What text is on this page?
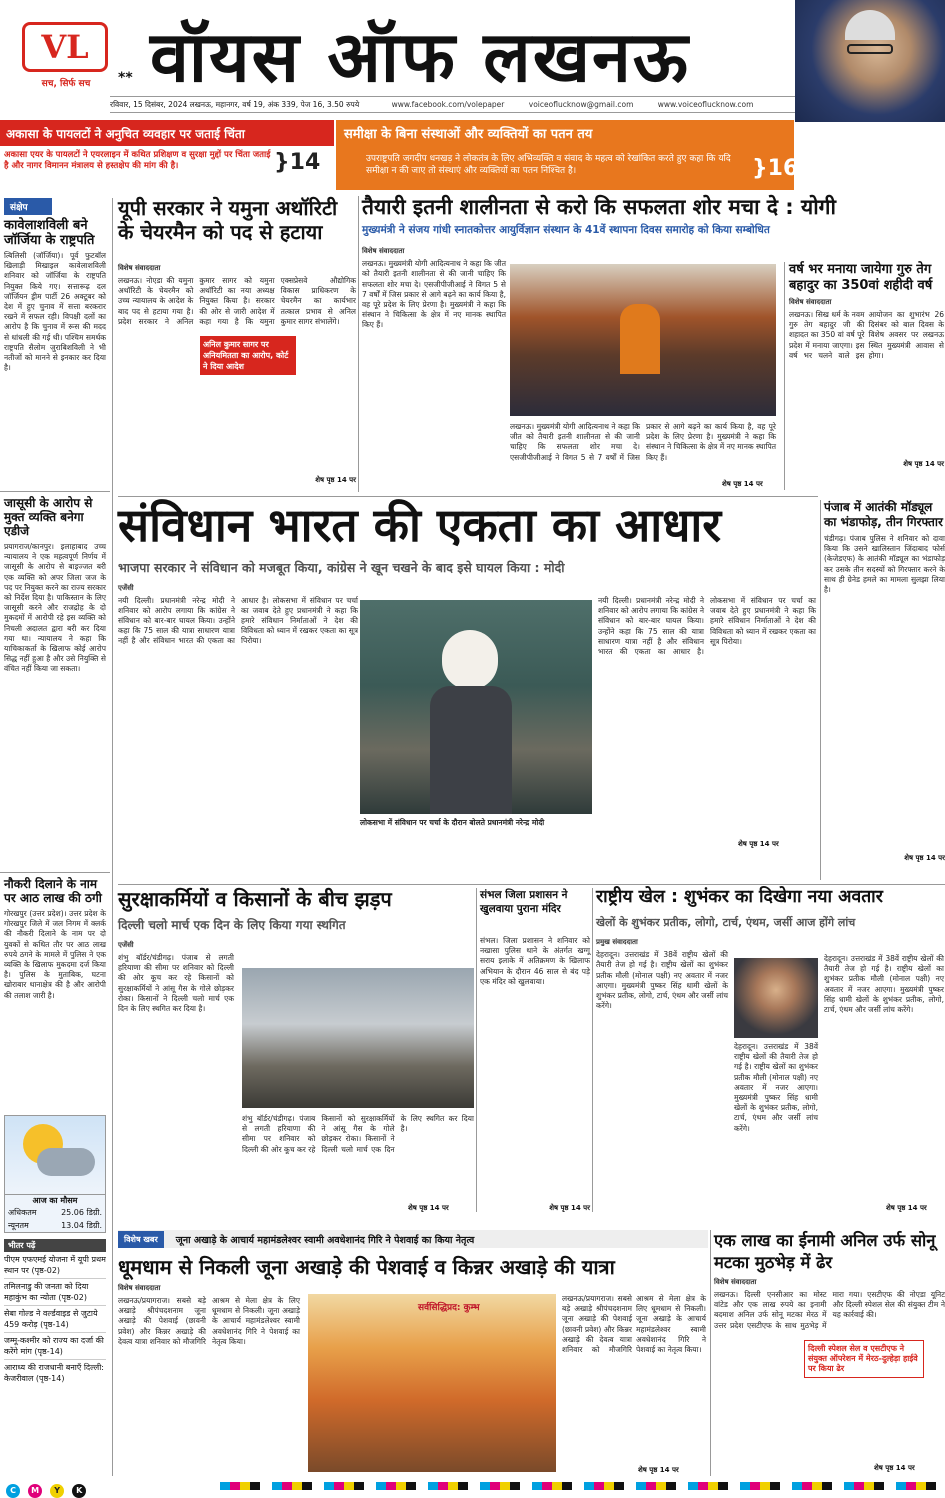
VL
सच, सिर्फ सच	** वॉयस ऑफ लखनऊ
रविवार, 15 दिसंबर, 2024 लखनऊ, महानगर, वर्ष 19, अंक 339, पेज 16, 3.50 रुपये	www.facebook.com/volepaper	voiceoflucknow@gmail.com	www.voiceoflucknow.com
अकासा के पायलटों ने अनुचित व्यवहार पर जताई चिंता
अकासा एयर के पायलटों ने एयरलाइन में कथित प्रशिक्षण व सुरक्षा मुद्दों पर चिंता जताई है और नागर विमानन मंत्रालय से हस्तक्षेप की मांग की है।	}14
समीक्षा के बिना संस्थाओं और व्यक्तियों का पतन तय
उपराष्ट्रपति जगदीप धनखड़ ने लोकतंत्र के लिए अभिव्यक्ति व संवाद के महत्व को रेखांकित करते हुए कहा कि यदि समीक्षा न की जाए तो संस्थाएं और व्यक्तियों का पतन निश्चित है।	}16
संक्षेप
कावेलाशविली बने जॉर्जिया के राष्ट्रपति
त्बिलिसी (जॉर्जिया)। पूर्व फुटबॉल खिलाड़ी मिखाइल कावेलाशविली शनिवार को जॉर्जिया के राष्ट्रपति नियुक्त किये गए। सत्तारूढ़ दल जॉर्जियन ड्रीम पार्टी 26 अक्टूबर को देश में हुए चुनाव में सत्ता बरकरार रखने में सफल रही। विपक्षी दलों का आरोप है कि चुनाव में रूस की मदद से धांधली की गई थी। पश्चिम समर्थक राष्ट्रपति सैलोम जुराबिशविली ने भी नतीजों को मानने से इनकार कर दिया है।
जासूसी के आरोप से मुक्त व्यक्ति बनेगा एडीजे
प्रयागराज/कानपुर। इलाहाबाद उच्च न्यायालय ने एक महत्वपूर्ण निर्णय में जासूसी के आरोप से बाइज्जत बरी एक व्यक्ति को अपर जिला जज के पद पर नियुक्त करने का राज्य सरकार को निर्देश दिया है। पाकिस्तान के लिए जासूसी करने और राजद्रोह के दो मुकदमों में आरोपी रहे इस व्यक्ति को निचली अदालत द्वारा बरी कर दिया गया था। न्यायालय ने कहा कि याचिकाकर्ता के खिलाफ कोई आरोप सिद्ध नहीं हुआ है और उसे नियुक्ति से वंचित नहीं किया जा सकता।
नौकरी दिलाने के नाम पर आठ लाख की ठगी
गोरखपुर (उत्तर प्रदेश)। उत्तर प्रदेश के गोरखपुर जिले में जल निगम में क्लर्क की नौकरी दिलाने के नाम पर दो युवकों से कथित तौर पर आठ लाख रुपये ठगने के मामले में पुलिस ने एक व्यक्ति के खिलाफ मुकदमा दर्ज किया है। पुलिस के मुताबिक, घटना खोराबार थानाक्षेत्र की है और आरोपी की तलाश जारी है।
आज का मौसम
अधिकतम	25.06 डिग्री.
न्यूनतम	13.04 डिग्री.
भीतर पढ़ें
पीएम एफएमई योजना में यूपी प्रथम स्थान पर (पृष्ठ-02)
तमिलनाडु की जनता को दिया महाकुंभ का न्योता (पृष्ठ-02)
सेबा गोल्ड ने वर्ल्डवाइड से जुटाये 459 करोड़ (पृष्ठ-14)
जम्मू-कश्मीर को राज्य का दर्जा की करेंगे मांग (पृष्ठ-14)
आराध्य की राजधानी बनाएँ दिल्ली: केजरीवाल (पृष्ठ-14)
यूपी सरकार ने यमुना अथॉरिटी के चेयरमैन को पद से हटाया
विशेष संवाददाता
लखनऊ। नोएडा की यमुना अथॉरिटी के चेयरमैन को उच्च न्यायालय के आदेश के बाद पद से हटाया गया है। प्रदेश सरकार ने अनिल कुमार सागर को यमुना अथॉरिटी का नया अध्यक्ष नियुक्त किया है। सरकार की ओर से जारी आदेश में कहा गया है कि यमुना एक्सप्रेसवे औद्योगिक विकास प्राधिकरण के चेयरमैन का कार्यभार तत्काल प्रभाव से अनिल कुमार सागर संभालेंगे।
अनिल कुमार सागर पर अनियमितता का आरोप, कोर्ट ने दिया आदेश
शेष पृष्ठ 14 पर
तैयारी इतनी शालीनता से करो कि सफलता शोर मचा दे : योगी
मुख्यमंत्री ने संजय गांधी स्नातकोत्तर आयुर्विज्ञान संस्थान के 41वें स्थापना दिवस समारोह को किया सम्बोधित
विशेष संवाददाता
लखनऊ। मुख्यमंत्री योगी आदित्यनाथ ने कहा कि जीत को तैयारी इतनी शालीनता से की जानी चाहिए कि सफलता शोर मचा दे। एसजीपीजीआई ने विगत 5 से 7 वर्षों में जिस प्रकार से आगे बढ़ने का कार्य किया है, वह पूरे प्रदेश के लिए प्रेरणा है। मुख्यमंत्री ने कहा कि संस्थान ने चिकित्सा के क्षेत्र में नए मानक स्थापित किए हैं।
लखनऊ। मुख्यमंत्री योगी आदित्यनाथ ने कहा कि जीत को तैयारी इतनी शालीनता से की जानी चाहिए कि सफलता शोर मचा दे। एसजीपीजीआई ने विगत 5 से 7 वर्षों में जिस प्रकार से आगे बढ़ने का कार्य किया है, वह पूरे प्रदेश के लिए प्रेरणा है। मुख्यमंत्री ने कहा कि संस्थान ने चिकित्सा के क्षेत्र में नए मानक स्थापित किए हैं।
शेष पृष्ठ 14 पर
वर्ष भर मनाया जायेगा गुरु तेग बहादुर का 350वां शहीदी वर्ष
विशेष संवाददाता
लखनऊ। सिख धर्म के नवम गुरु तेग बहादुर जी की शहादत का 350 वां वर्ष पूरे प्रदेश में मनाया जाएगा। इस वर्ष भर चलने वाले इस आयोजन का शुभारंभ 26 दिसंबर को बाल दिवस के विशेष अवसर पर लखनऊ स्थित मुख्यमंत्री आवास से होगा।
शेष पृष्ठ 14 पर
संविधान भारत की एकता का आधार
भाजपा सरकार ने संविधान को मजबूत किया, कांग्रेस ने खून चखने के बाद इसे घायल किया : मोदी
एजेंसी
नयी दिल्ली। प्रधानमंत्री नरेन्द्र मोदी ने शनिवार को आरोप लगाया कि कांग्रेस ने संविधान को बार-बार घायल किया। उन्होंने कहा कि 75 साल की यात्रा साधारण यात्रा नहीं है और संविधान भारत की एकता का आधार है। लोकसभा में संविधान पर चर्चा का जवाब देते हुए प्रधानमंत्री ने कहा कि हमारे संविधान निर्माताओं ने देश की विविधता को ध्यान में रखकर एकता का सूत्र पिरोया।
लोकसभा में संविधान पर चर्चा के दौरान बोलते प्रधानमंत्री नरेन्द्र मोदी
नयी दिल्ली। प्रधानमंत्री नरेन्द्र मोदी ने शनिवार को आरोप लगाया कि कांग्रेस ने संविधान को बार-बार घायल किया। उन्होंने कहा कि 75 साल की यात्रा साधारण यात्रा नहीं है और संविधान भारत की एकता का आधार है। लोकसभा में संविधान पर चर्चा का जवाब देते हुए प्रधानमंत्री ने कहा कि हमारे संविधान निर्माताओं ने देश की विविधता को ध्यान में रखकर एकता का सूत्र पिरोया।
शेष पृष्ठ 14 पर
पंजाब में आतंकी मॉड्यूल का भंडाफोड़, तीन गिरफ्तार
चंडीगढ़। पंजाब पुलिस ने शनिवार को दावा किया कि उसने खालिस्तान जिंदाबाद फोर्स (केजेडएफ) के आतंकी मॉड्यूल का भंडाफोड़ कर उसके तीन सदस्यों को गिरफ्तार करने के साथ ही ग्रेनेड हमले का मामला सुलझा लिया है।
शेष पृष्ठ 14 पर
सुरक्षाकर्मियों व किसानों के बीच झड़प
दिल्ली चलो मार्च एक दिन के लिए किया गया स्थगित
एजेंसी
शंभु बॉर्डर/चंडीगढ़। पंजाब से लगती हरियाणा की सीमा पर शनिवार को दिल्ली की ओर कूच कर रहे किसानों को सुरक्षाकर्मियों ने आंसू गैस के गोले छोड़कर रोका। किसानों ने दिल्ली चलो मार्च एक दिन के लिए स्थगित कर दिया है।
शंभु बॉर्डर/चंडीगढ़। पंजाब से लगती हरियाणा की सीमा पर शनिवार को दिल्ली की ओर कूच कर रहे किसानों को सुरक्षाकर्मियों ने आंसू गैस के गोले छोड़कर रोका। किसानों ने दिल्ली चलो मार्च एक दिन के लिए स्थगित कर दिया है।
शेष पृष्ठ 14 पर
संभल जिला प्रशासन ने खुलवाया पुराना मंदिर
संभल। जिला प्रशासन ने शनिवार को नखासा पुलिस थाने के अंतर्गत खग्गू सराय इलाके में अतिक्रमण के खिलाफ अभियान के दौरान 46 साल से बंद पड़े एक मंदिर को खुलवाया।
शेष पृष्ठ 14 पर
राष्ट्रीय खेल : शुभंकर का दिखेगा नया अवतार
खेलों के शुभंकर प्रतीक, लोगो, टार्च, एंथम, जर्सी आज होंगे लांच
प्रमुख संवाददाता
देहरादून। उत्तराखंड में 38वें राष्ट्रीय खेलों की तैयारी तेज हो गई है। राष्ट्रीय खेलों का शुभंकर प्रतीक मौली (मोनाल पक्षी) नए अवतार में नजर आएगा। मुख्यमंत्री पुष्कर सिंह धामी खेलों के शुभंकर प्रतीक, लोगो, टार्च, एंथम और जर्सी लांच करेंगे।
देहरादून। उत्तराखंड में 38वें राष्ट्रीय खेलों की तैयारी तेज हो गई है। राष्ट्रीय खेलों का शुभंकर प्रतीक मौली (मोनाल पक्षी) नए अवतार में नजर आएगा। मुख्यमंत्री पुष्कर सिंह धामी खेलों के शुभंकर प्रतीक, लोगो, टार्च, एंथम और जर्सी लांच करेंगे।
देहरादून। उत्तराखंड में 38वें राष्ट्रीय खेलों की तैयारी तेज हो गई है। राष्ट्रीय खेलों का शुभंकर प्रतीक मौली (मोनाल पक्षी) नए अवतार में नजर आएगा। मुख्यमंत्री पुष्कर सिंह धामी खेलों के शुभंकर प्रतीक, लोगो, टार्च, एंथम और जर्सी लांच करेंगे।
शेष पृष्ठ 14 पर
विशेष खबर	जूना अखाड़े के आचार्य महामंडलेश्वर स्वामी अवधेशानंद गिरि ने पेशवाई का किया नेतृत्व
धूमधाम से निकली जूना अखाड़े की पेशवाई व किन्नर अखाड़े की यात्रा
विशेष संवाददाता
लखनऊ/प्रयागराज। सबसे बड़े अखाड़े श्रीपंचदशनाम जूना अखाड़े की पेशवाई (छावनी प्रवेश) और किन्नर अखाड़े की देवत्व यात्रा शनिवार को मौजगिरि आश्रम से मेला क्षेत्र के लिए धूमधाम से निकली। जूना अखाड़े के आचार्य महामंडलेश्वर स्वामी अवधेशानंद गिरि ने पेशवाई का नेतृत्व किया।
सर्वसिद्धिप्रद: कुम्भ
लखनऊ/प्रयागराज। सबसे बड़े अखाड़े श्रीपंचदशनाम जूना अखाड़े की पेशवाई (छावनी प्रवेश) और किन्नर अखाड़े की देवत्व यात्रा शनिवार को मौजगिरि आश्रम से मेला क्षेत्र के लिए धूमधाम से निकली। जूना अखाड़े के आचार्य महामंडलेश्वर स्वामी अवधेशानंद गिरि ने पेशवाई का नेतृत्व किया।
शेष पृष्ठ 14 पर
एक लाख का ईनामी अनिल उर्फ सोनू मटका मुठभेड़ में ढेर
विशेष संवाददाता
लखनऊ। दिल्ली एनसीआर का मोस्ट वांटेड और एक लाख रुपये का इनामी बदमाश अनिल उर्फ सोनू मटका मेरठ में उत्तर प्रदेश एसटीएफ के साथ मुठभेड़ में मारा गया। एसटीएफ की नोएडा यूनिट और दिल्ली स्पेशल सेल की संयुक्त टीम ने यह कार्रवाई की।
दिल्ली स्पेशल सेल व एसटीएफ ने संयुक्त ऑपरेशन में मेरठ-दुल्हेड़ा हाईवे पर किया ढेर
शेष पृष्ठ 14 पर
C M Y K
